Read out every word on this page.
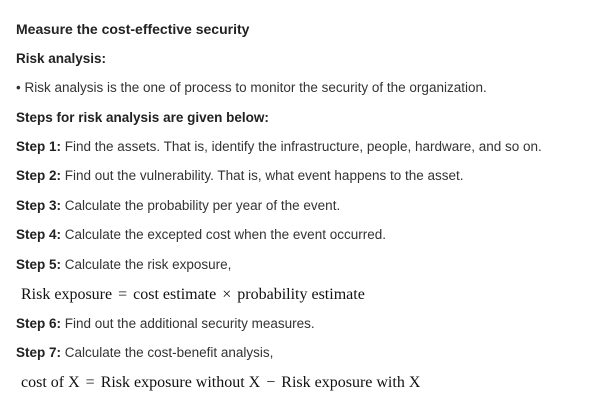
Measure the cost-effective security
Risk analysis:
• Risk analysis is the one of process to monitor the security of the organization.
Steps for risk analysis are given below:
Step 1: Find the assets. That is, identify the infrastructure, people, hardware, and so on.
Step 2: Find out the vulnerability. That is, what event happens to the asset.
Step 3: Calculate the probability per year of the event.
Step 4: Calculate the excepted cost when the event occurred.
Step 5: Calculate the risk exposure,
Risk exposure = cost estimate × probability estimate
Step 6: Find out the additional security measures.
Step 7: Calculate the cost-benefit analysis,
cost of X = Risk exposure without X − Risk exposure with X
